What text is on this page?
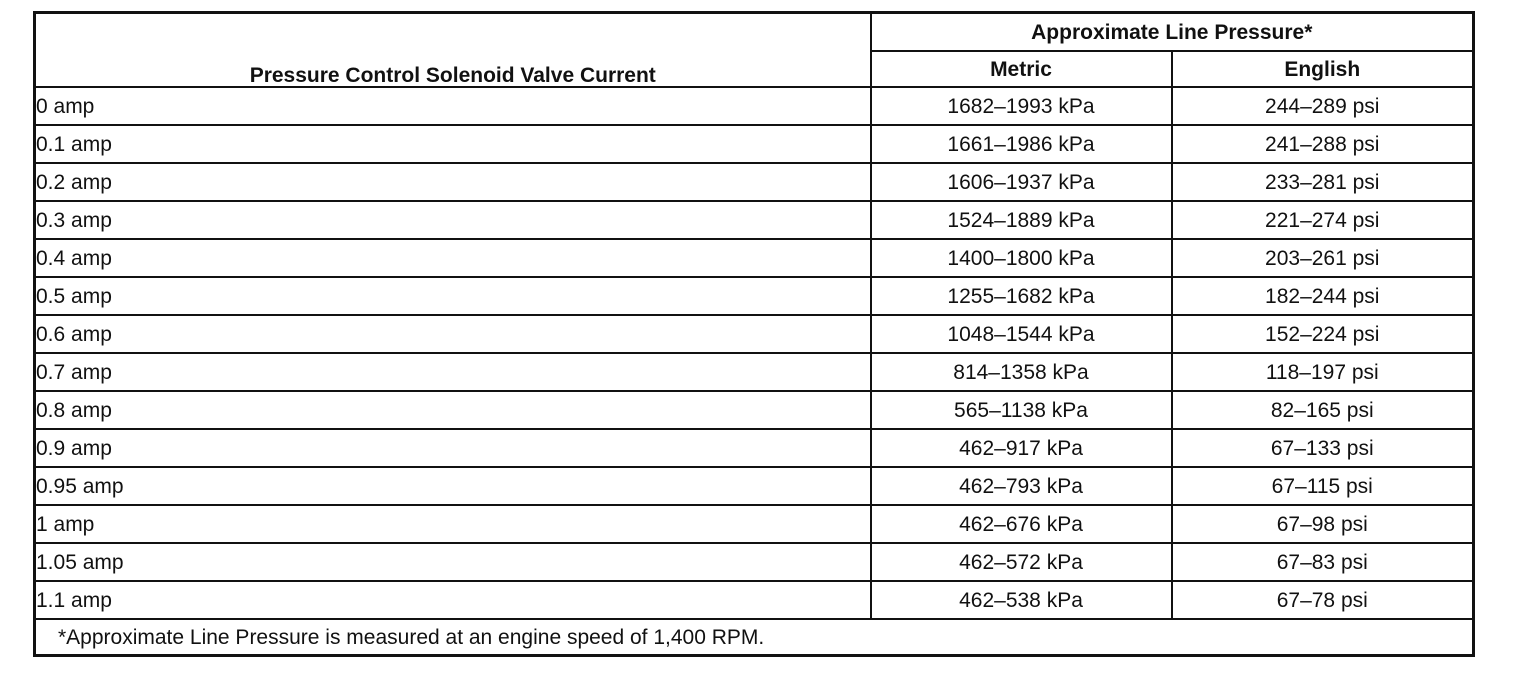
Pressure Control Solenoid Valve Current	Approximate Line Pressure*	
	Metric	English
0 amp	1682–1993 kPa	244–289 psi
0.1 amp	1661–1986 kPa	241–288 psi
0.2 amp	1606–1937 kPa	233–281 psi
0.3 amp	1524–1889 kPa	221–274 psi
0.4 amp	1400–1800 kPa	203–261 psi
0.5 amp	1255–1682 kPa	182–244 psi
0.6 amp	1048–1544 kPa	152–224 psi
0.7 amp	814–1358 kPa	118–197 psi
0.8 amp	565–1138 kPa	82–165 psi
0.9 amp	462–917 kPa	67–133 psi
0.95 amp	462–793 kPa	67–115 psi
1 amp	462–676 kPa	67–98 psi
1.05 amp	462–572 kPa	67–83 psi
1.1 amp	462–538 kPa	67–78 psi
*Approximate Line Pressure is measured at an engine speed of 1,400 RPM.		
